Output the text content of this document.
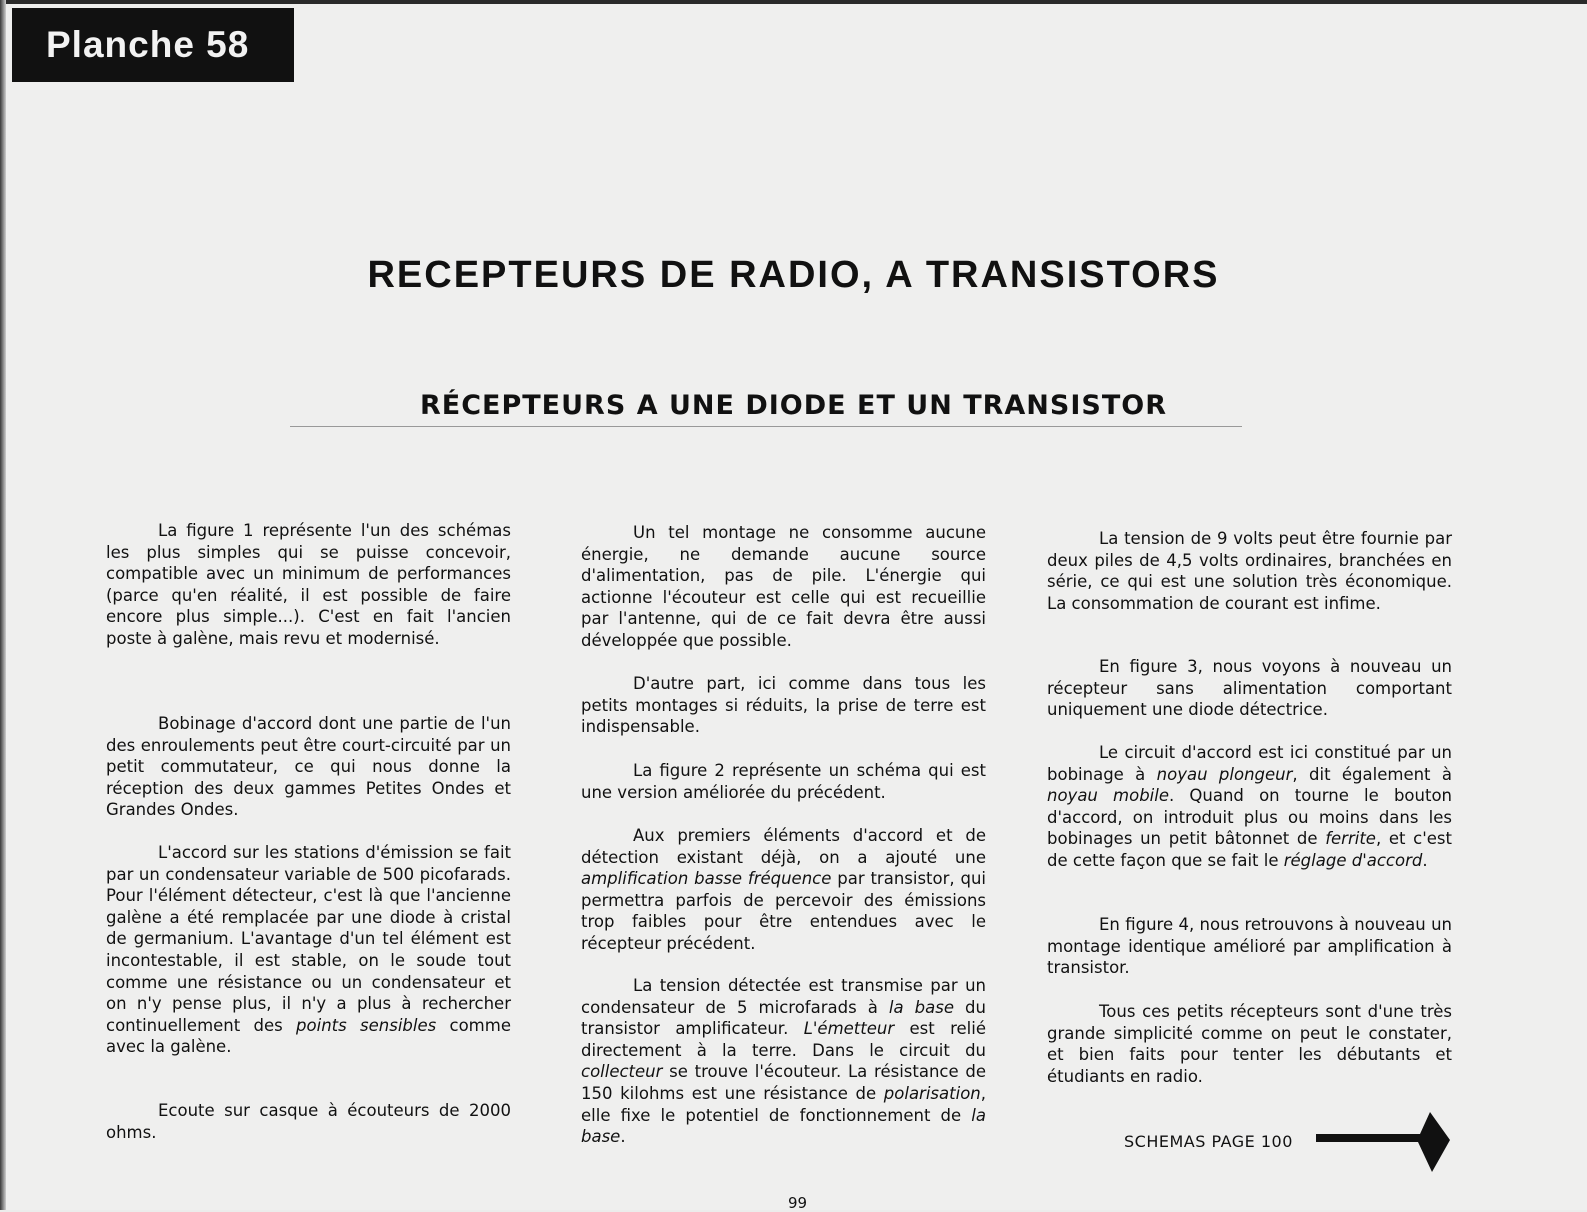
Planche 58
RECEPTEURS DE RADIO, A TRANSISTORS
RÉCEPTEURS A UNE DIODE ET UN TRANSISTOR

La figure 1 représente l'un des schémas les plus simples qui se puisse concevoir, compatible avec un minimum de performances (parce qu'en réalité, il est possible de faire encore plus simple...). C'est en fait l'ancien poste à galène, mais revu et modernisé.

Bobinage d'accord dont une partie de l'un des enroulements peut être court-circuité par un petit commutateur, ce qui nous donne la réception des deux gammes Petites Ondes et Grandes Ondes.

L'accord sur les stations d'émission se fait par un condensateur variable de 500 picofarads. Pour l'élément détecteur, c'est là que l'ancienne galène a été remplacée par une diode à cristal de germanium. L'avantage d'un tel élément est incontestable, il est stable, on le soude tout comme une résistance ou un condensateur et on n'y pense plus, il n'y a plus à rechercher continuellement des points sensibles comme avec la galène.

Ecoute sur casque à écouteurs de 2000 ohms.

Un tel montage ne consomme aucune énergie, ne demande aucune source d'alimentation, pas de pile. L'énergie qui actionne l'écouteur est celle qui est recueillie par l'antenne, qui de ce fait devra être aussi développée que possible.

D'autre part, ici comme dans tous les petits montages si réduits, la prise de terre est indispensable.

La figure 2 représente un schéma qui est une version améliorée du précédent.

Aux premiers éléments d'accord et de détection existant déjà, on a ajouté une amplification basse fréquence par transistor, qui permettra parfois de percevoir des émissions trop faibles pour être entendues avec le récepteur précédent.

La tension détectée est transmise par un condensateur de 5 microfarads à la base du transistor amplificateur. L'émetteur est relié directement à la terre. Dans le circuit du collecteur se trouve l'écouteur. La résistance de 150 kilohms est une résistance de polarisation, elle fixe le potentiel de fonctionnement de la base.

La tension de 9 volts peut être fournie par deux piles de 4,5 volts ordinaires, branchées en série, ce qui est une solution très économique. La consommation de courant est infime.

En figure 3, nous voyons à nouveau un récepteur sans alimentation comportant uniquement une diode détectrice.

Le circuit d'accord est ici constitué par un bobinage à noyau plongeur, dit également à noyau mobile. Quand on tourne le bouton d'accord, on introduit plus ou moins dans les bobinages un petit bâtonnet de ferrite, et c'est de cette façon que se fait le réglage d'accord.

En figure 4, nous retrouvons à nouveau un montage identique amélioré par amplification à transistor.

Tous ces petits récepteurs sont d'une très grande simplicité comme on peut le constater, et bien faits pour tenter les débutants et étudiants en radio.

SCHEMAS PAGE 100
99
